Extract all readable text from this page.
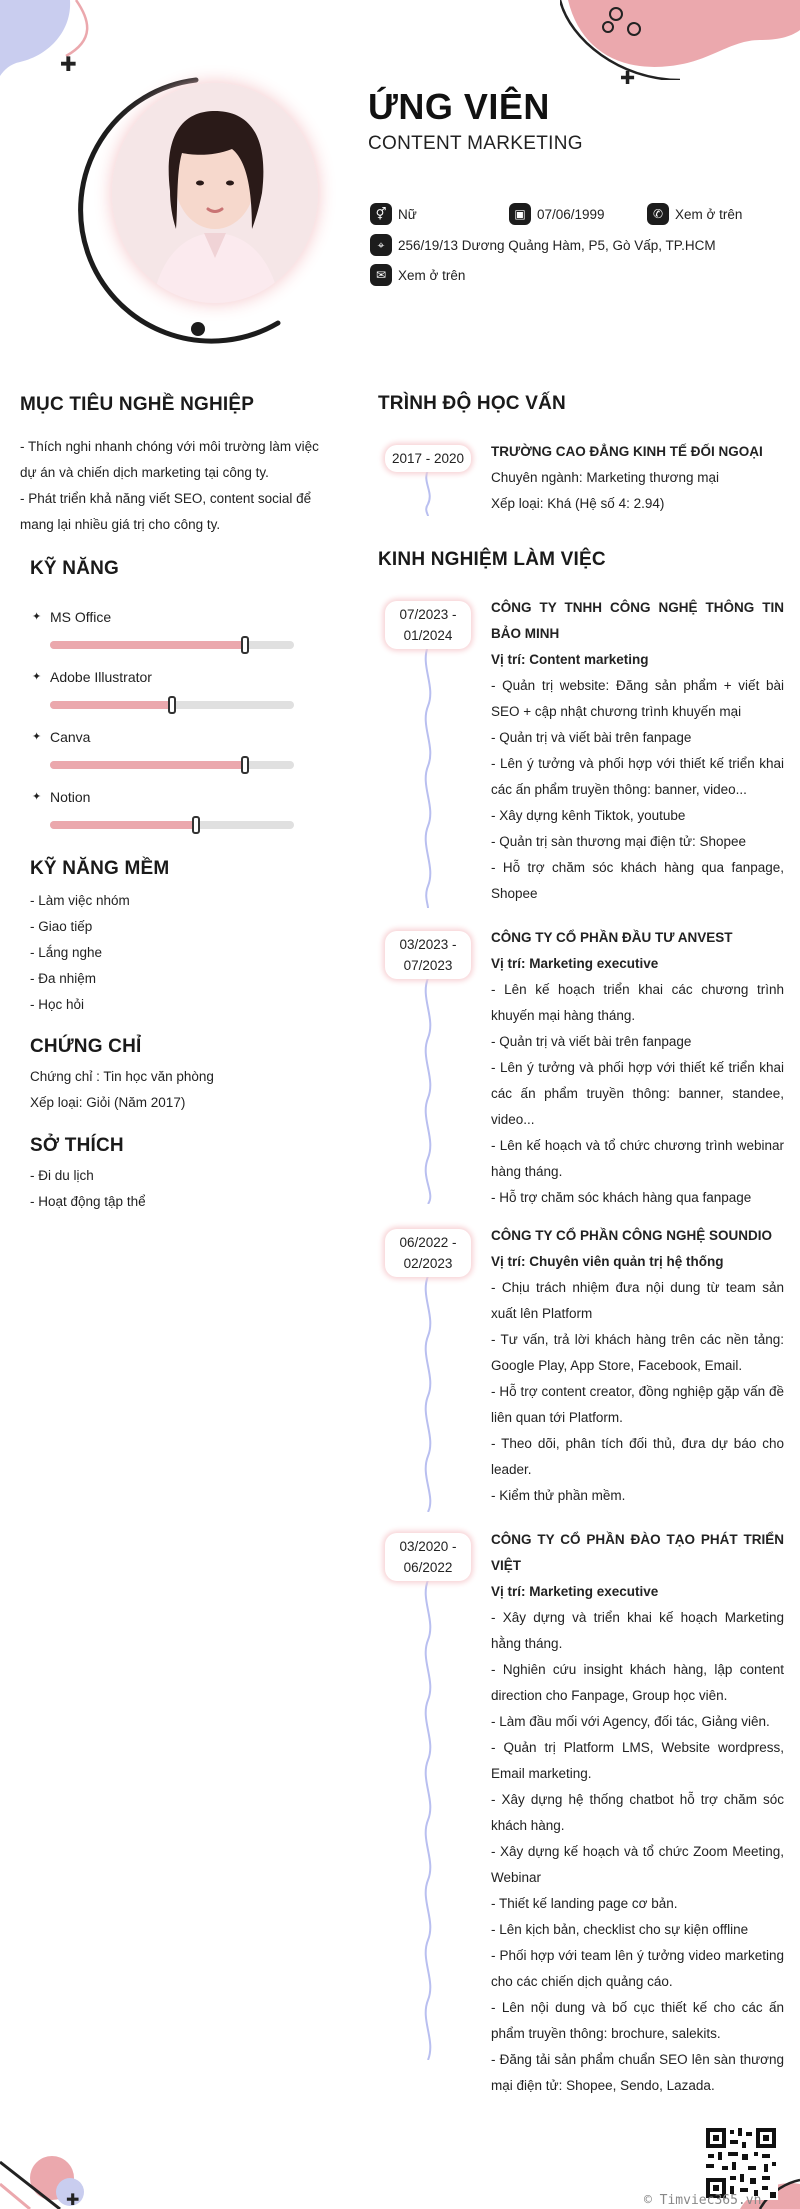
✚
✚
ỨNG VIÊN
CONTENT MARKETING
⚥ Nữ	▣ 07/06/1999	✆ Xem ở trên
⌖	256/19/13 Dương Quảng Hàm, P5, Gò Vấp, TP.HCM
✉ Xem ở trên
MỤC TIÊU NGHỀ NGHIỆP
- Thích nghi nhanh chóng với môi trường làm việc
dự án và chiến dịch marketing tại công ty.
- Phát triển khả năng viết SEO, content social để
mang lại nhiều giá trị cho công ty.
KỸ NĂNG
✦ MS Office
✦ Adobe Illustrator
✦ Canva
✦ Notion
KỸ NĂNG MỀM
- Làm việc nhóm
- Giao tiếp
- Lắng nghe
- Đa nhiệm
- Học hỏi
CHỨNG CHỈ
Chứng chỉ : Tin học văn phòng
Xếp loại: Giỏi (Năm 2017)
SỞ THÍCH
- Đi du lịch
- Hoạt động tập thể
TRÌNH ĐỘ HỌC VẤN
2017 - 2020	TRƯỜNG CAO ĐẲNG KINH TẾ ĐỐI NGOẠI
Chuyên ngành: Marketing thương mại
Xếp loại: Khá (Hệ số 4: 2.94)
KINH NGHIỆM LÀM VIỆC
07/2023 -
01/2024
CÔNG TY TNHH CÔNG NGHỆ THÔNG TIN BẢO MINH
Vị trí: Content marketing
- Quản trị website: Đăng sản phẩm + viết bài SEO + cập nhật chương trình khuyến mại
- Quản trị và viết bài trên fanpage
- Lên ý tưởng và phối hợp với thiết kế triển khai các ấn phẩm truyền thông: banner, video...
- Xây dựng kênh Tiktok, youtube
- Quản trị sàn thương mại điện tử: Shopee
- Hỗ trợ chăm sóc khách hàng qua fanpage, Shopee
03/2023 -
07/2023
CÔNG TY CỔ PHẦN ĐẦU TƯ ANVEST
Vị trí: Marketing executive
- Lên kế hoạch triển khai các chương trình khuyến mại hàng tháng.
- Quản trị và viết bài trên fanpage
- Lên ý tưởng và phối hợp với thiết kế triển khai các ấn phẩm truyền thông: banner, standee, video...
- Lên kế hoạch và tổ chức chương trình webinar hàng tháng.
- Hỗ trợ chăm sóc khách hàng qua fanpage
06/2022 -
02/2023
CÔNG TY CỔ PHẦN CÔNG NGHỆ SOUNDIO
Vị trí: Chuyên viên quản trị hệ thống
- Chịu trách nhiệm đưa nội dung từ team sản xuất lên Platform
- Tư vấn, trả lời khách hàng trên các nền tảng: Google Play, App Store, Facebook, Email.
- Hỗ trợ content creator, đồng nghiệp gặp vấn đề liên quan tới Platform.
- Theo dõi, phân tích đối thủ, đưa dự báo cho leader.
- Kiểm thử phần mềm.
03/2020 -
06/2022
CÔNG TY CỔ PHẦN ĐÀO TẠO PHÁT TRIỂN VIỆT
Vị trí: Marketing executive
- Xây dựng và triển khai kế hoạch Marketing hằng tháng.
- Nghiên cứu insight khách hàng, lập content direction cho Fanpage, Group học viên.
- Làm đầu mối với Agency, đối tác, Giảng viên.
- Quản trị Platform LMS, Website wordpress, Email marketing.
- Xây dựng hệ thống chatbot hỗ trợ chăm sóc khách hàng.
- Xây dựng kế hoạch và tổ chức Zoom Meeting, Webinar
- Thiết kế landing page cơ bản.
- Lên kịch bản, checklist cho sự kiện offline
- Phối hợp với team lên ý tưởng video marketing cho các chiến dịch quảng cáo.
- Lên nội dung và bố cục thiết kế cho các ấn phẩm truyền thông: brochure, salekits.
- Đăng tải sản phẩm chuẩn SEO lên sàn thương mại điện tử: Shopee, Sendo, Lazada.
✚	© Timviec365.vn
